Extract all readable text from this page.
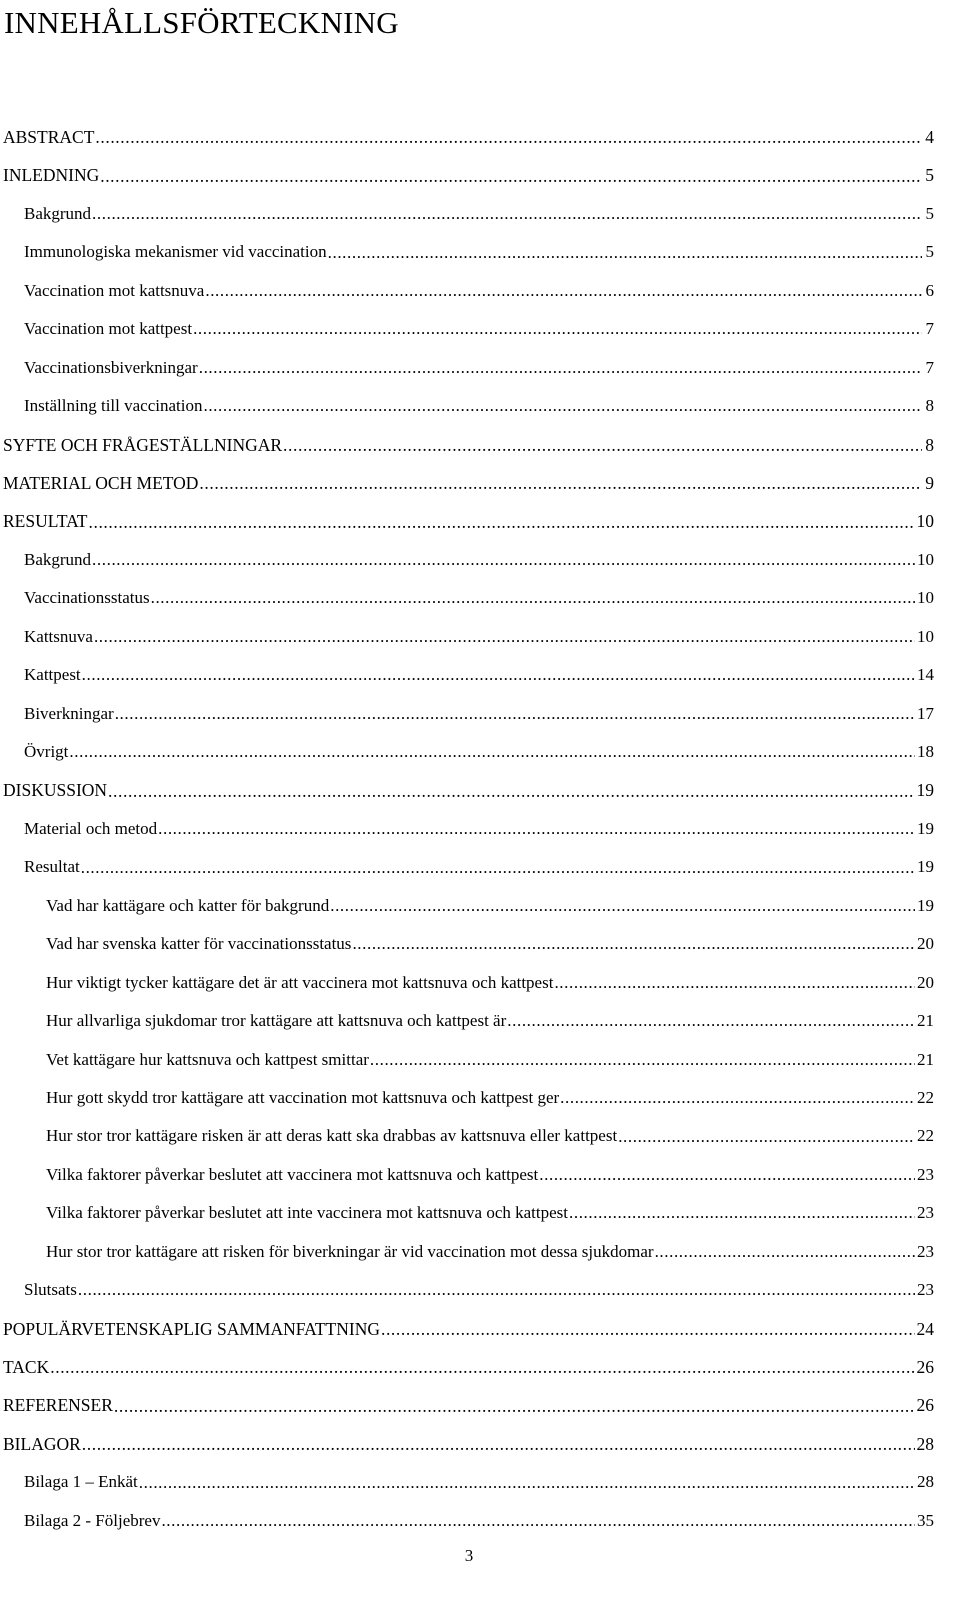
INNEHÅLLSFÖRTECKNING
ABSTRACT .....	4
INLEDNING .....	5
Bakgrund .....	5
Immunologiska mekanismer vid vaccination .....	5
Vaccination mot kattsnuva .....	6
Vaccination mot kattpest .....	7
Vaccinationsbiverkningar .....	7
Inställning till vaccination .....	8
SYFTE OCH FRÅGESTÄLLNINGAR .....	8
MATERIAL OCH METOD .....	9
RESULTAT .....	10
Bakgrund .....	10
Vaccinationsstatus .....	10
Kattsnuva .....	10
Kattpest .....	14
Biverkningar .....	17
Övrigt .....	18
DISKUSSION .....	19
Material och metod .....	19
Resultat .....	19
Vad har kattägare och katter för bakgrund .....	19
Vad har svenska katter för vaccinationsstatus .....	20
Hur viktigt tycker kattägare det är att vaccinera mot kattsnuva och kattpest .....	20
Hur allvarliga sjukdomar tror kattägare att kattsnuva och kattpest är .....	21
Vet kattägare hur kattsnuva och kattpest smittar .....	21
Hur gott skydd tror kattägare att vaccination mot kattsnuva och kattpest ger .....	22
Hur stor tror kattägare risken är att deras katt ska drabbas av kattsnuva eller kattpest .....	22
Vilka faktorer påverkar beslutet att vaccinera mot kattsnuva och kattpest .....	23
Vilka faktorer påverkar beslutet att inte vaccinera mot kattsnuva och kattpest .....	23
Hur stor tror kattägare att risken för biverkningar är vid vaccination mot dessa sjukdomar .....	23
Slutsats .....	23
POPULÄRVETENSKAPLIG SAMMANFATTNING .....	24
TACK .....	26
REFERENSER .....	26
BILAGOR .....	28
Bilaga 1 – Enkät .....	28
Bilaga 2 - Följebrev .....	35
3
